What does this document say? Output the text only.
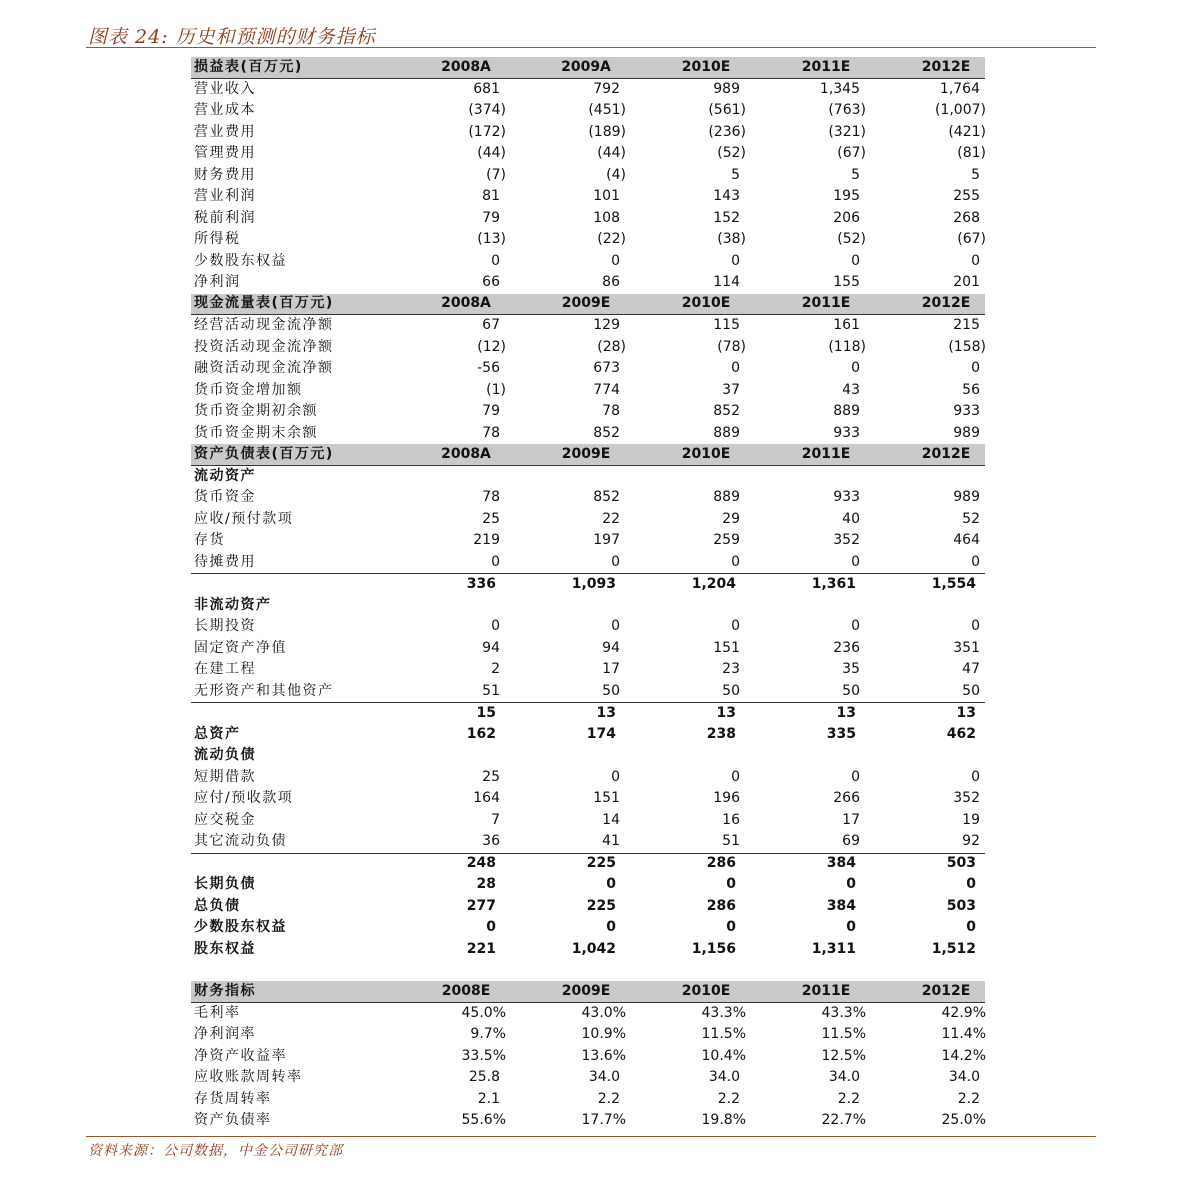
图表 24: 历史和预测的财务指标
损益表(百万元)	2008A	2009A	2010E	2011E	2012E
营业收入	681	792	989	1,345	1,764
营业成本	(374)	(451)	(561)	(763)	(1,007)
营业费用	(172)	(189)	(236)	(321)	(421)
管理费用	(44)	(44)	(52)	(67)	(81)
财务费用	(7)	(4)	5	5	5
营业利润	81	101	143	195	255
税前利润	79	108	152	206	268
所得税	(13)	(22)	(38)	(52)	(67)
少数股东权益	0	0	0	0	0
净利润	66	86	114	155	201
现金流量表(百万元)	2008A	2009E	2010E	2011E	2012E
经营活动现金流净额	67	129	115	161	215
投资活动现金流净额	(12)	(28)	(78)	(118)	(158)
融资活动现金流净额	-56	673	0	0	0
货币资金增加额	(1)	774	37	43	56
货币资金期初余额	79	78	852	889	933
货币资金期末余额	78	852	889	933	989
资产负债表(百万元)	2008A	2009E	2010E	2011E	2012E
流动资产
货币资金	78	852	889	933	989
应收/预付款项	25	22	29	40	52
存货	219	197	259	352	464
待摊费用	0	0	0	0	0
336	1,093	1,204	1,361	1,554
非流动资产
长期投资	0	0	0	0	0
固定资产净值	94	94	151	236	351
在建工程	2	17	23	35	47
无形资产和其他资产	51	50	50	50	50
15	13	13	13	13
总资产	162	174	238	335	462
流动负债
短期借款	25	0	0	0	0
应付/预收款项	164	151	196	266	352
应交税金	7	14	16	17	19
其它流动负债	36	41	51	69	92
248	225	286	384	503
长期负债	28	0	0	0	0
总负债	277	225	286	384	503
少数股东权益	0	0	0	0	0
股东权益	221	1,042	1,156	1,311	1,512
财务指标	2008E	2009E	2010E	2011E	2012E
毛利率	45.0%	43.0%	43.3%	43.3%	42.9%
净利润率	9.7%	10.9%	11.5%	11.5%	11.4%
净资产收益率	33.5%	13.6%	10.4%	12.5%	14.2%
应收账款周转率	25.8	34.0	34.0	34.0	34.0
存货周转率	2.1	2.2	2.2	2.2	2.2
资产负债率	55.6%	17.7%	19.8%	22.7%	25.0%
资料来源：公司数据，中金公司研究部
